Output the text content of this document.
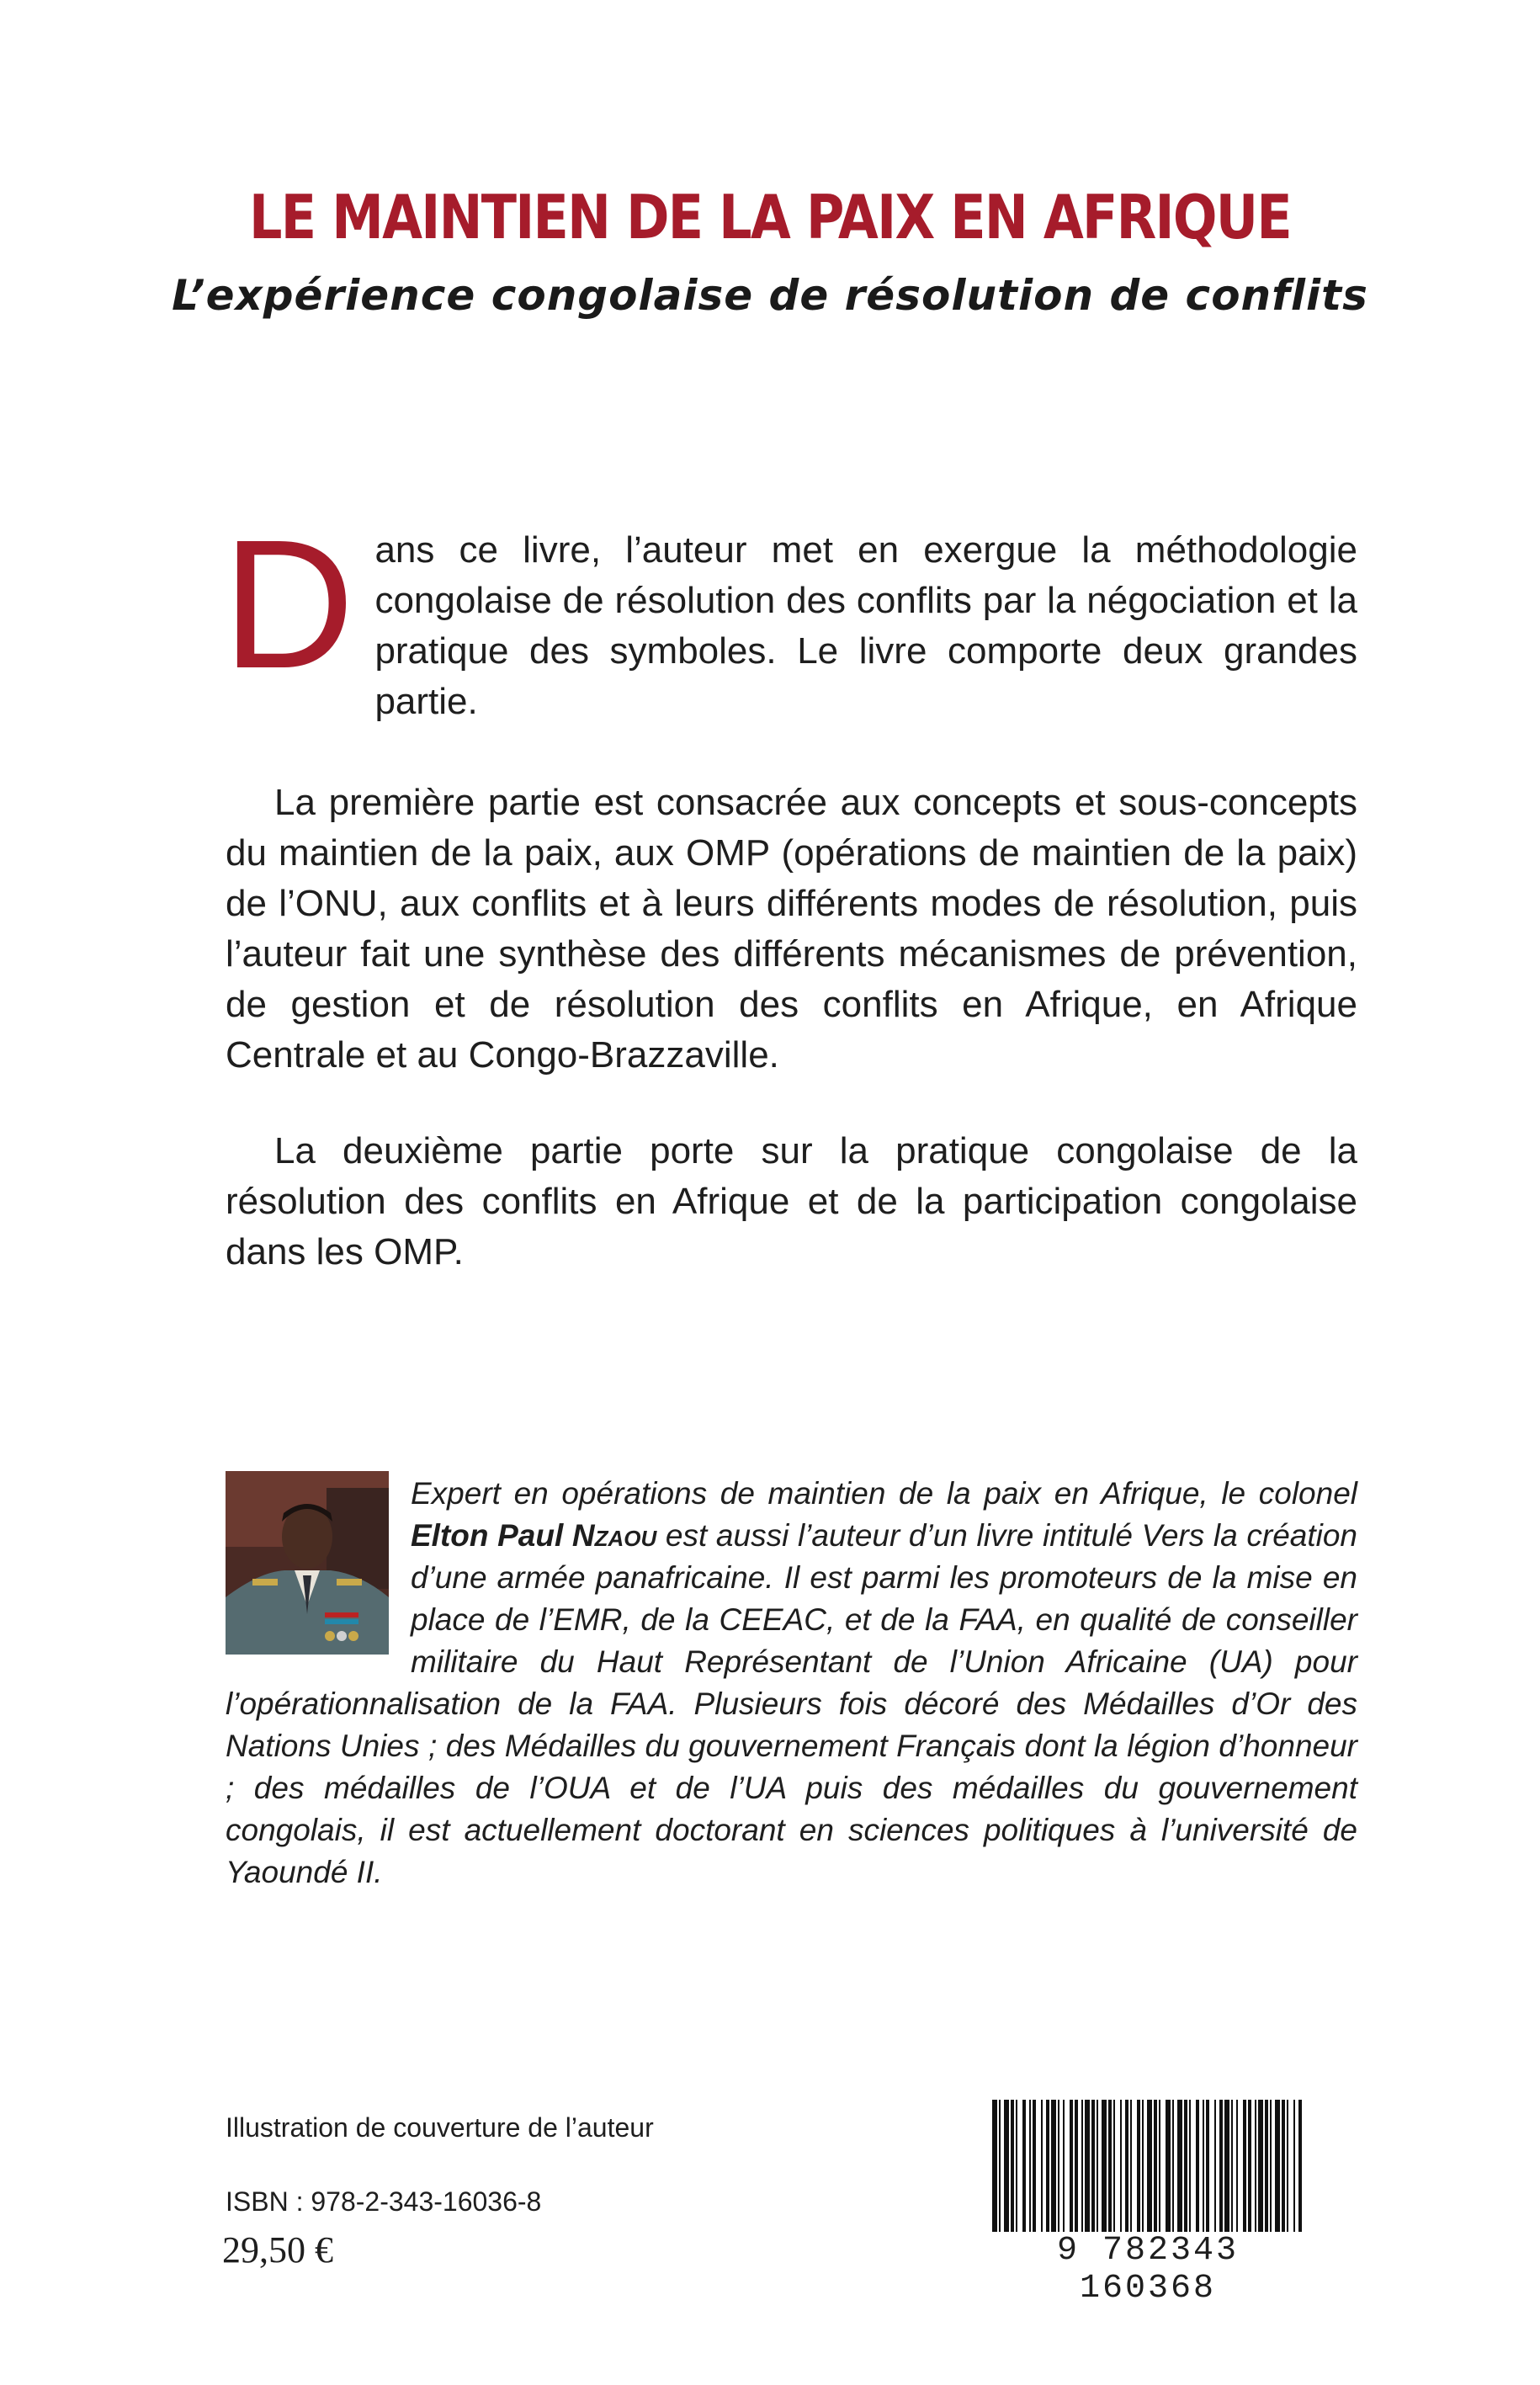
LE MAINTIEN DE LA PAIX EN AFRIQUE
L’expérience congolaise de résolution de conflits

Dans ce livre, l’auteur met en exergue la méthodologie congolaise de résolution des conflits par la négociation et la pratique des symboles. Le livre comporte deux grandes partie.

La première partie est consacrée aux concepts et sous-concepts du maintien de la paix, aux OMP (opérations de maintien de la paix) de l’ONU, aux conflits et à leurs différents modes de résolution, puis l’auteur fait une synthèse des différents mécanismes de prévention, de gestion et de résolution des conflits en Afrique, en Afrique Centrale et au Congo-Brazzaville.

La deuxième partie porte sur la pratique congolaise de la résolution des conflits en Afrique et de la participation congolaise dans les OMP.

Expert en opérations de maintien de la paix en Afrique, le colonel Elton Paul Nzaou est aussi l’auteur d’un livre intitulé Vers la création d’une armée panafricaine. Il est parmi les promoteurs de la mise en place de l’EMR, de la CEEAC, et de la FAA, en qualité de conseiller militaire du Haut Représentant de l’Union Africaine (UA) pour l’opérationnalisation de la FAA. Plusieurs fois décoré des Médailles d’Or des Nations Unies ; des Médailles du gouvernement Français dont la légion d’honneur ; des médailles de l’OUA et de l’UA puis des médailles du gouvernement congolais, il est actuellement doctorant en sciences politiques à l’université de Yaoundé II.

Illustration de couverture de l’auteur

ISBN : 978-2-343-16036-8

29,50 €	9 782343 160368
